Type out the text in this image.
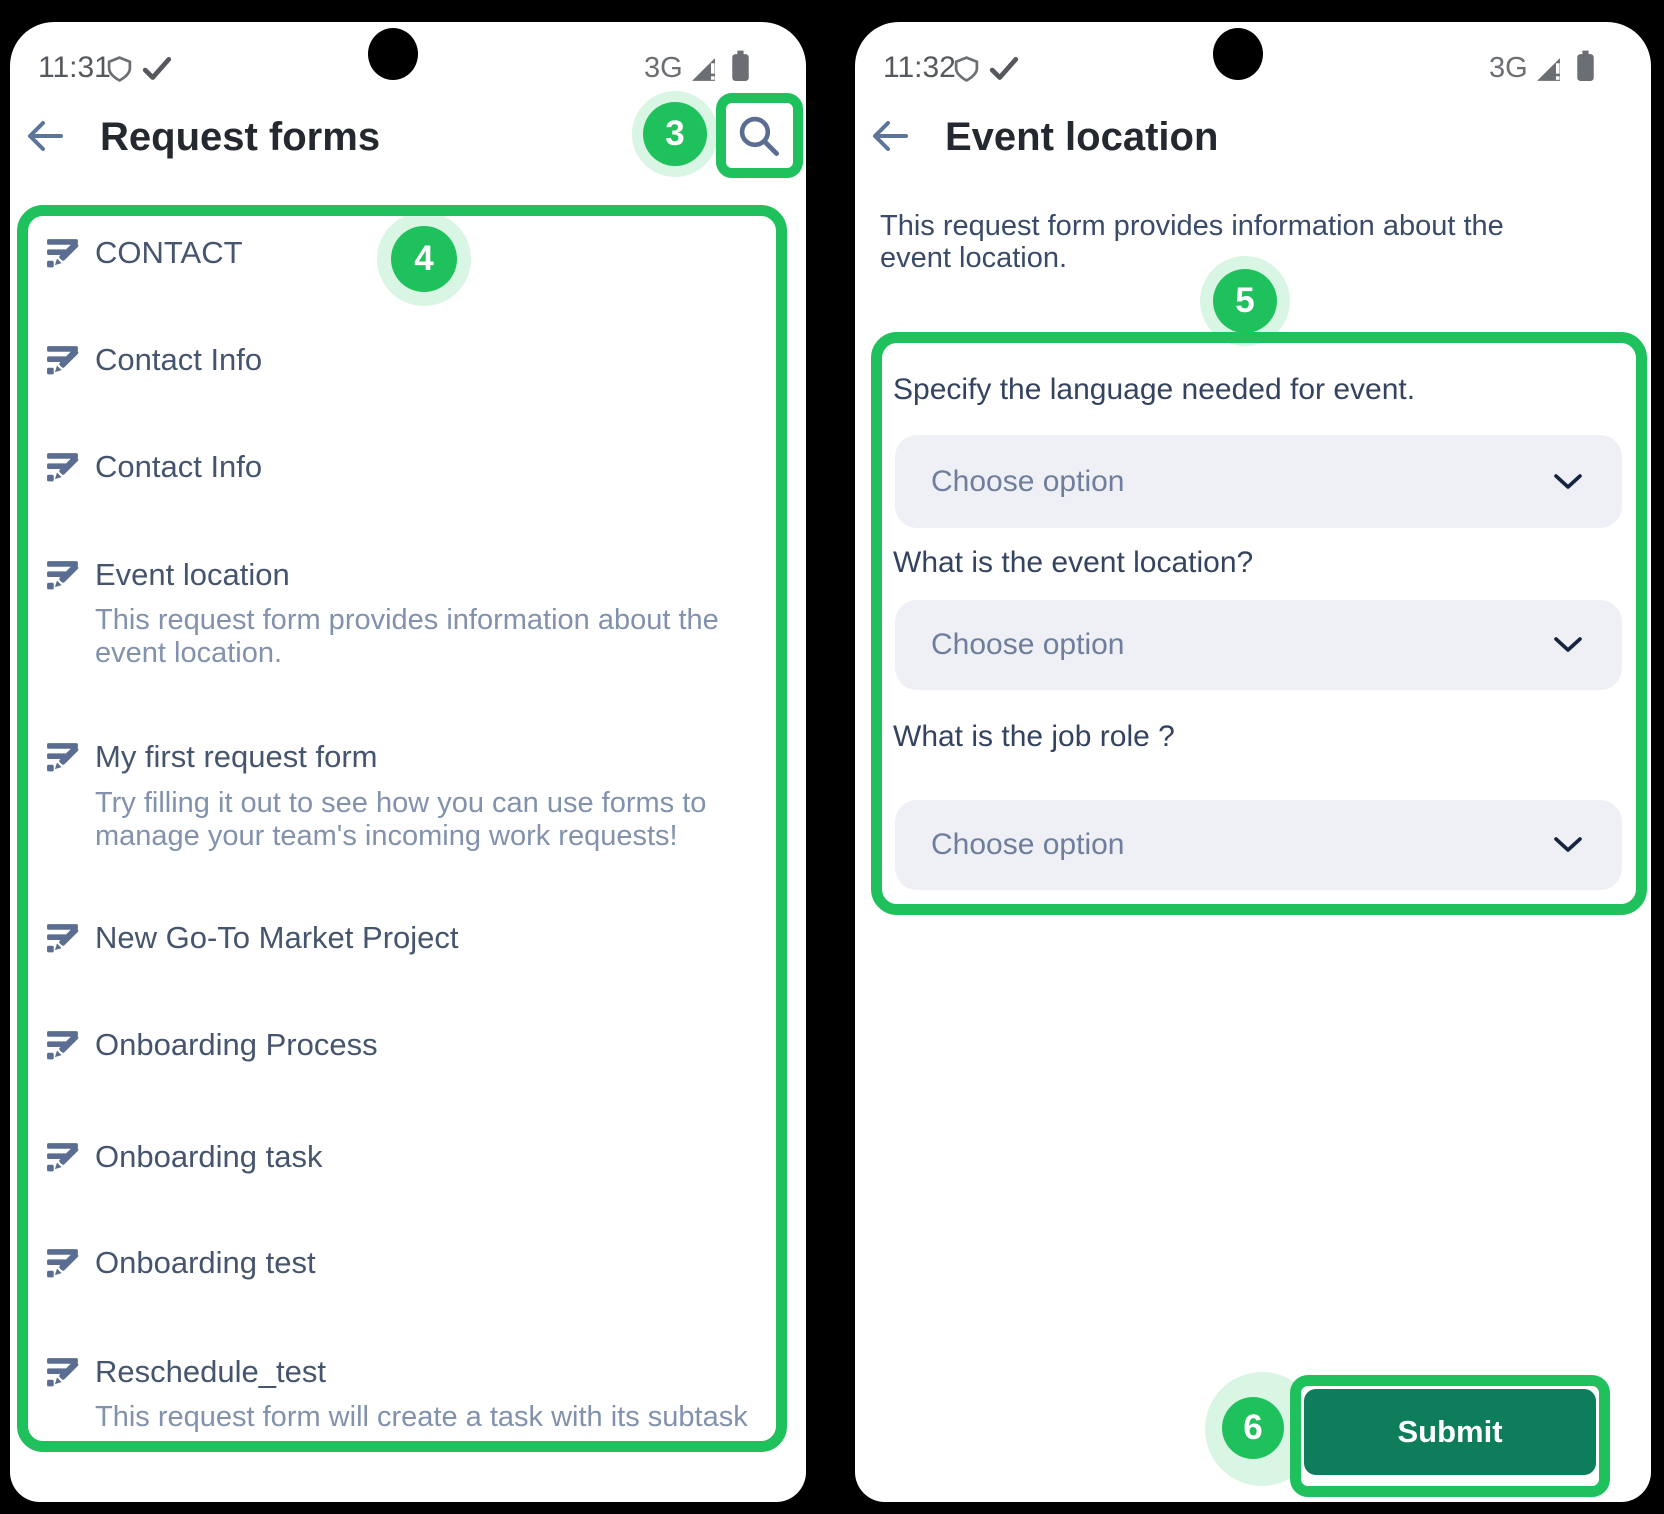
11:31	3G
Request forms	3
4
CONTACT
Contact Info
Contact Info
Event location
This request form provides information about the event location.
My first request form
Try filling it out to see how you can use forms to manage your team's incoming work requests!
New Go-To Market Project
Onboarding Process
Onboarding task
Onboarding test
Reschedule_test
This request form will create a task with its subtask
11:32	3G
Event location
This request form provides information about the event location.
5
Specify the language needed for event.
Choose option
What is the event location?
Choose option
What is the job role ?
Choose option
Submit
6
